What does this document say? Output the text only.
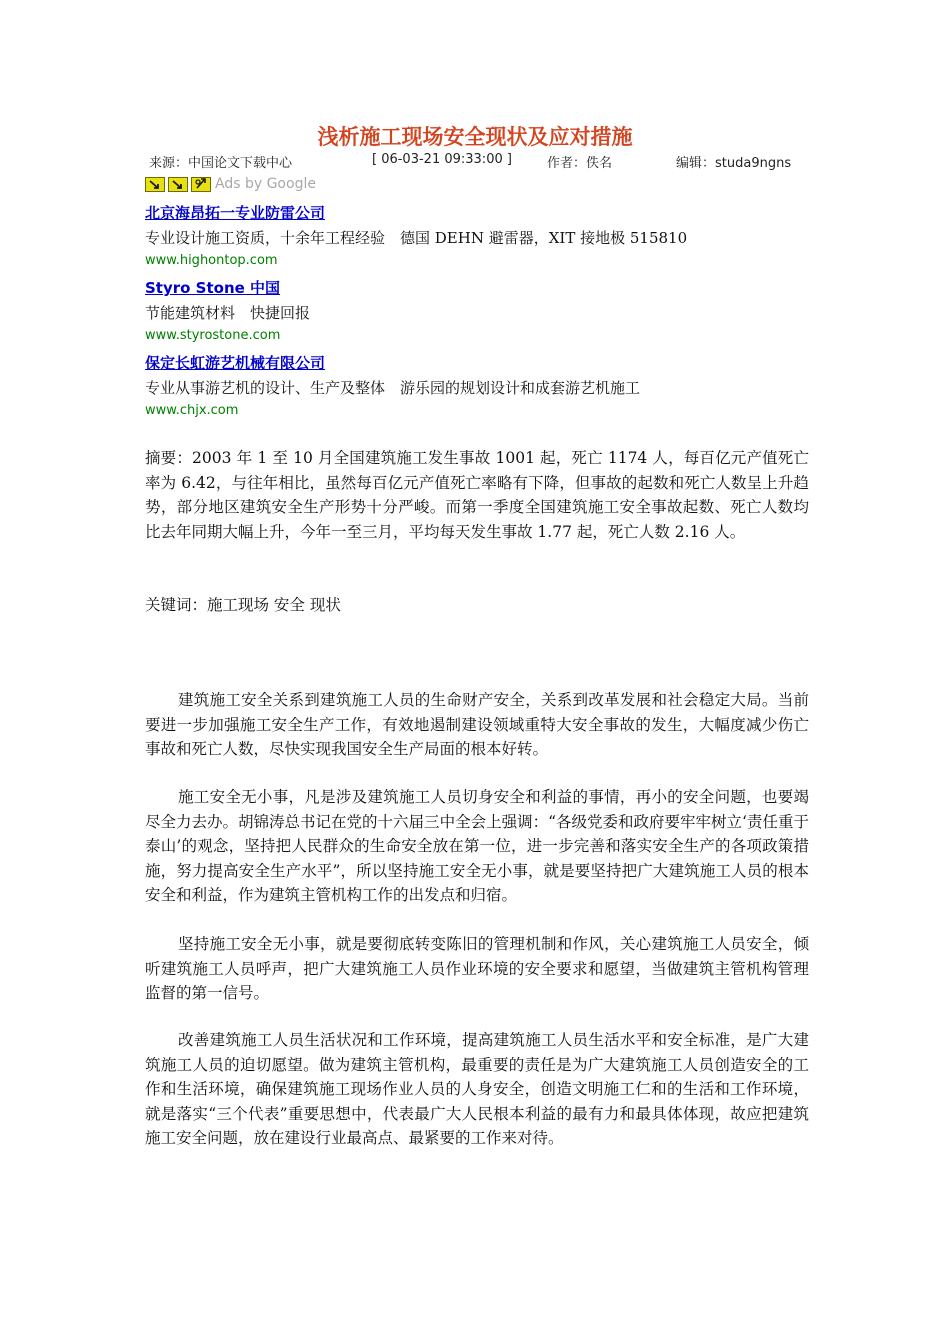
浅析施工现场安全现状及应对措施
来源：中国论文下载中心	[ 06-03-21 09:33:00 ]	作者：佚名	编辑：studa9ngns
Ads by Google
北京海昂拓一专业防雷公司
专业设计施工资质，十余年工程经验　德国 DEHN 避雷器，XIT 接地极 515810
www.highontop.com
Styro Stone 中国
节能建筑材料　快捷回报
www.styrostone.com
保定长虹游艺机械有限公司
专业从事游艺机的设计、生产及整体　游乐园的规划设计和成套游艺机施工
www.chjx.com
摘要：2003 年 1 至 10 月全国建筑施工发生事故 1001 起，死亡 1174 人，每百亿元产值死亡率为 6.42，与往年相比，虽然每百亿元产值死亡率略有下降，但事故的起数和死亡人数呈上升趋势，部分地区建筑安全生产形势十分严峻。而第一季度全国建筑施工安全事故起数、死亡人数均比去年同期大幅上升，今年一至三月，平均每天发生事故 1.77 起，死亡人数 2.16 人。
关键词：施工现场 安全 现状
建筑施工安全关系到建筑施工人员的生命财产安全，关系到改革发展和社会稳定大局。当前要进一步加强施工安全生产工作，有效地遏制建设领域重特大安全事故的发生，大幅度减少伤亡事故和死亡人数，尽快实现我国安全生产局面的根本好转。
施工安全无小事，凡是涉及建筑施工人员切身安全和利益的事情，再小的安全问题，也要竭尽全力去办。胡锦涛总书记在党的十六届三中全会上强调：“各级党委和政府要牢牢树立‘责任重于泰山’的观念，坚持把人民群众的生命安全放在第一位，进一步完善和落实安全生产的各项政策措施，努力提高安全生产水平”，所以坚持施工安全无小事，就是要坚持把广大建筑施工人员的根本安全和利益，作为建筑主管机构工作的出发点和归宿。
坚持施工安全无小事，就是要彻底转变陈旧的管理机制和作风，关心建筑施工人员安全，倾听建筑施工人员呼声，把广大建筑施工人员作业环境的安全要求和愿望，当做建筑主管机构管理监督的第一信号。
改善建筑施工人员生活状况和工作环境，提高建筑施工人员生活水平和安全标准，是广大建筑施工人员的迫切愿望。做为建筑主管机构，最重要的责任是为广大建筑施工人员创造安全的工作和生活环境，确保建筑施工现场作业人员的人身安全，创造文明施工仁和的生活和工作环境，就是落实“三个代表”重要思想中，代表最广大人民根本利益的最有力和最具体体现，故应把建筑施工安全问题，放在建设行业最高点、最紧要的工作来对待。
